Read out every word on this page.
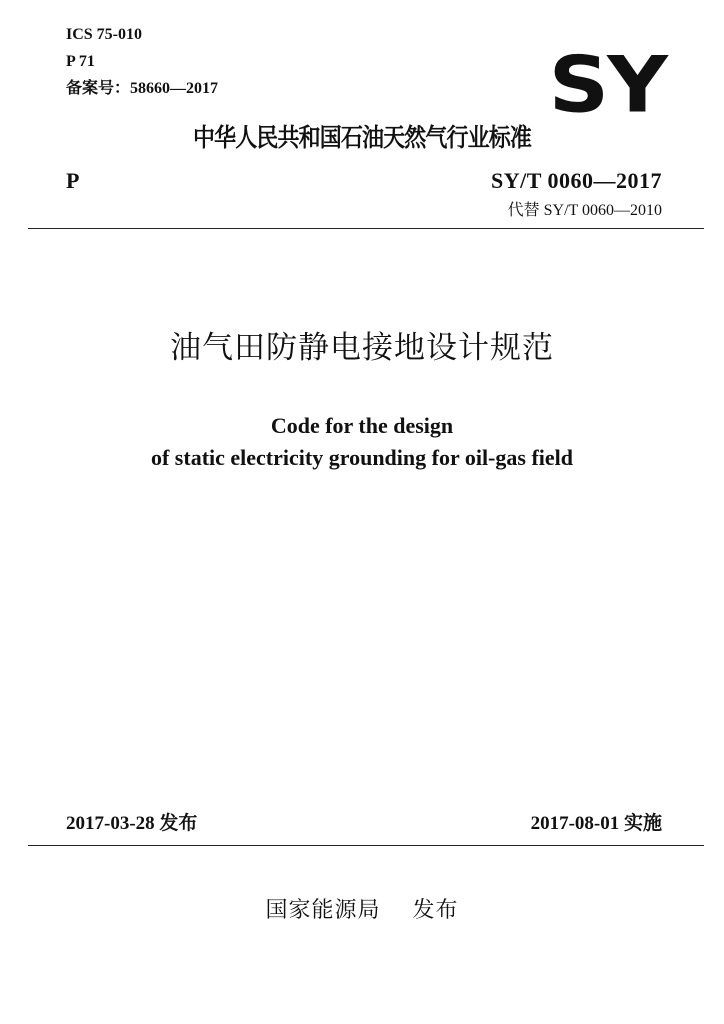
ICS 75-010
P 71
备案号：58660—2017	SY
中华人民共和国石油天然气行业标准
P	SY/T 0060—2017
代替 SY/T 0060—2010
油气田防静电接地设计规范
Code for the design
of static electricity grounding for oil-gas field
2017-03-28 发布	2017-08-01 实施
国家能源局    发布
